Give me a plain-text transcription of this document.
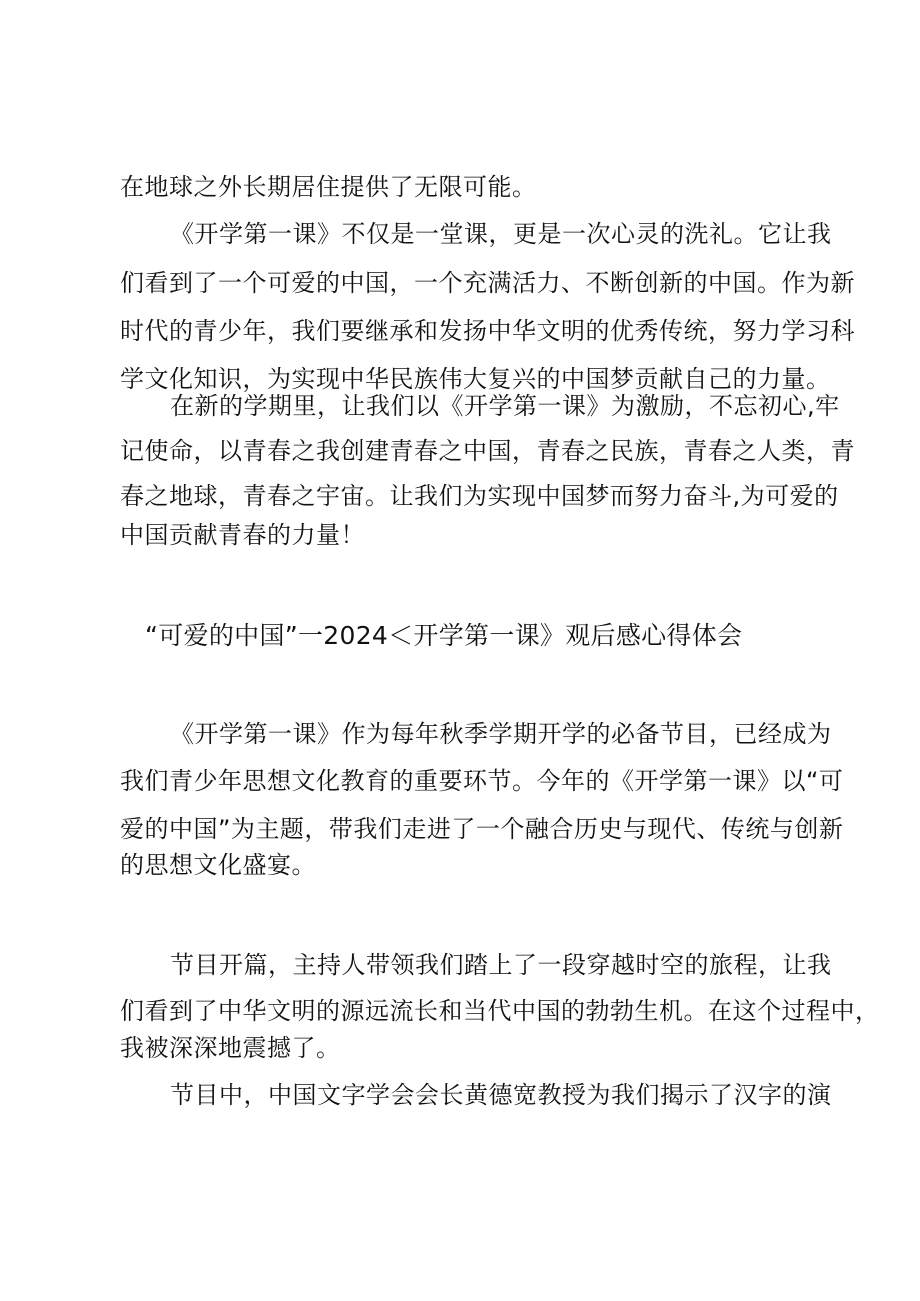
在地球之外长期居住提供了无限可能。
《开学第一课》不仅是一堂课，更是一次心灵的洗礼。它让我
们看到了一个可爱的中国，一个充满活力、不断创新的中国。作为新
时代的青少年，我们要继承和发扬中华文明的优秀传统，努力学习科
学文化知识，为实现中华民族伟大复兴的中国梦贡献自己的力量。
在新的学期里，让我们以《开学第一课》为激励，不忘初心,牢
记使命，以青春之我创建青春之中国，青春之民族，青春之人类，青
春之地球，青春之宇宙。让我们为实现中国梦而努力奋斗,为可爱的
中国贡献青春的力量！
“可爱的中国”一2024＜开学第一课》观后感心得体会
《开学第一课》作为每年秋季学期开学的必备节目，已经成为
我们青少年思想文化教育的重要环节。今年的《开学第一课》以“可
爱的中国”为主题，带我们走进了一个融合历史与现代、传统与创新
的思想文化盛宴。
节目开篇，主持人带领我们踏上了一段穿越时空的旅程，让我
们看到了中华文明的源远流长和当代中国的勃勃生机。在这个过程中，
我被深深地震撼了。
节目中，中国文字学会会长黄德宽教授为我们揭示了汉字的演
